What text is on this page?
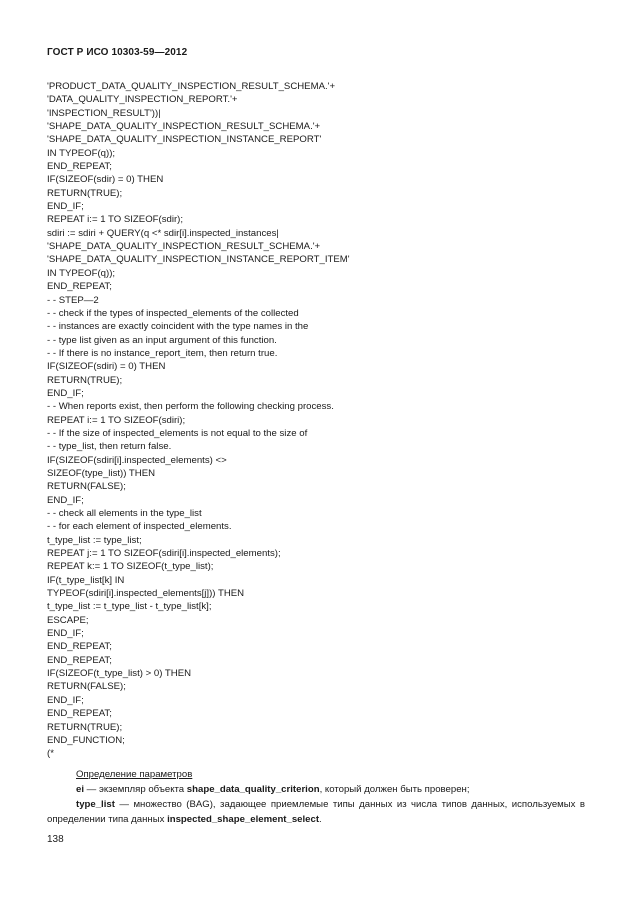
ГОСТ Р ИСО 10303-59—2012
'PRODUCT_DATA_QUALITY_INSPECTION_RESULT_SCHEMA.'+
'DATA_QUALITY_INSPECTION_REPORT.'+
'INSPECTION_RESULT'))|
'SHAPE_DATA_QUALITY_INSPECTION_RESULT_SCHEMA.'+
'SHAPE_DATA_QUALITY_INSPECTION_INSTANCE_REPORT'
IN TYPEOF(q));
END_REPEAT;
IF(SIZEOF(sdir) = 0) THEN
RETURN(TRUE);
END_IF;
REPEAT i:= 1 TO SIZEOF(sdir);
sdiri := sdiri + QUERY(q <* sdir[i].inspected_instances|
'SHAPE_DATA_QUALITY_INSPECTION_RESULT_SCHEMA.'+
'SHAPE_DATA_QUALITY_INSPECTION_INSTANCE_REPORT_ITEM'
IN TYPEOF(q));
END_REPEAT;
- - STEP—2
- - check if the types of inspected_elements of the collected
- - instances are exactly coincident with the type names in the
- - type list given as an input argument of this function.
- - If there is no instance_report_item, then return true.
IF(SIZEOF(sdiri) = 0) THEN
RETURN(TRUE);
END_IF;
- - When reports exist, then perform the following checking process.
REPEAT i:= 1 TO SIZEOF(sdiri);
- - If the size of inspected_elements is not equal to the size of
- - type_list, then return false.
IF(SIZEOF(sdiri[i].inspected_elements) <>
SIZEOF(type_list)) THEN
RETURN(FALSE);
END_IF;
- - check all elements in the type_list
- - for each element of inspected_elements.
t_type_list := type_list;
REPEAT j:= 1 TO SIZEOF(sdiri[i].inspected_elements);
REPEAT k:= 1 TO SIZEOF(t_type_list);
IF(t_type_list[k] IN
TYPEOF(sdiri[i].inspected_elements[j])) THEN
t_type_list := t_type_list - t_type_list[k];
ESCAPE;
END_IF;
END_REPEAT;
END_REPEAT;
IF(SIZEOF(t_type_list) > 0) THEN
RETURN(FALSE);
END_IF;
END_REPEAT;
RETURN(TRUE);
END_FUNCTION;
(*
Определение параметров
ei — экземпляр объекта shape_data_quality_criterion, который должен быть проверен;
type_list — множество (BAG), задающее приемлемые типы данных из числа типов данных, используемых в определении типа данных inspected_shape_element_select.
138
